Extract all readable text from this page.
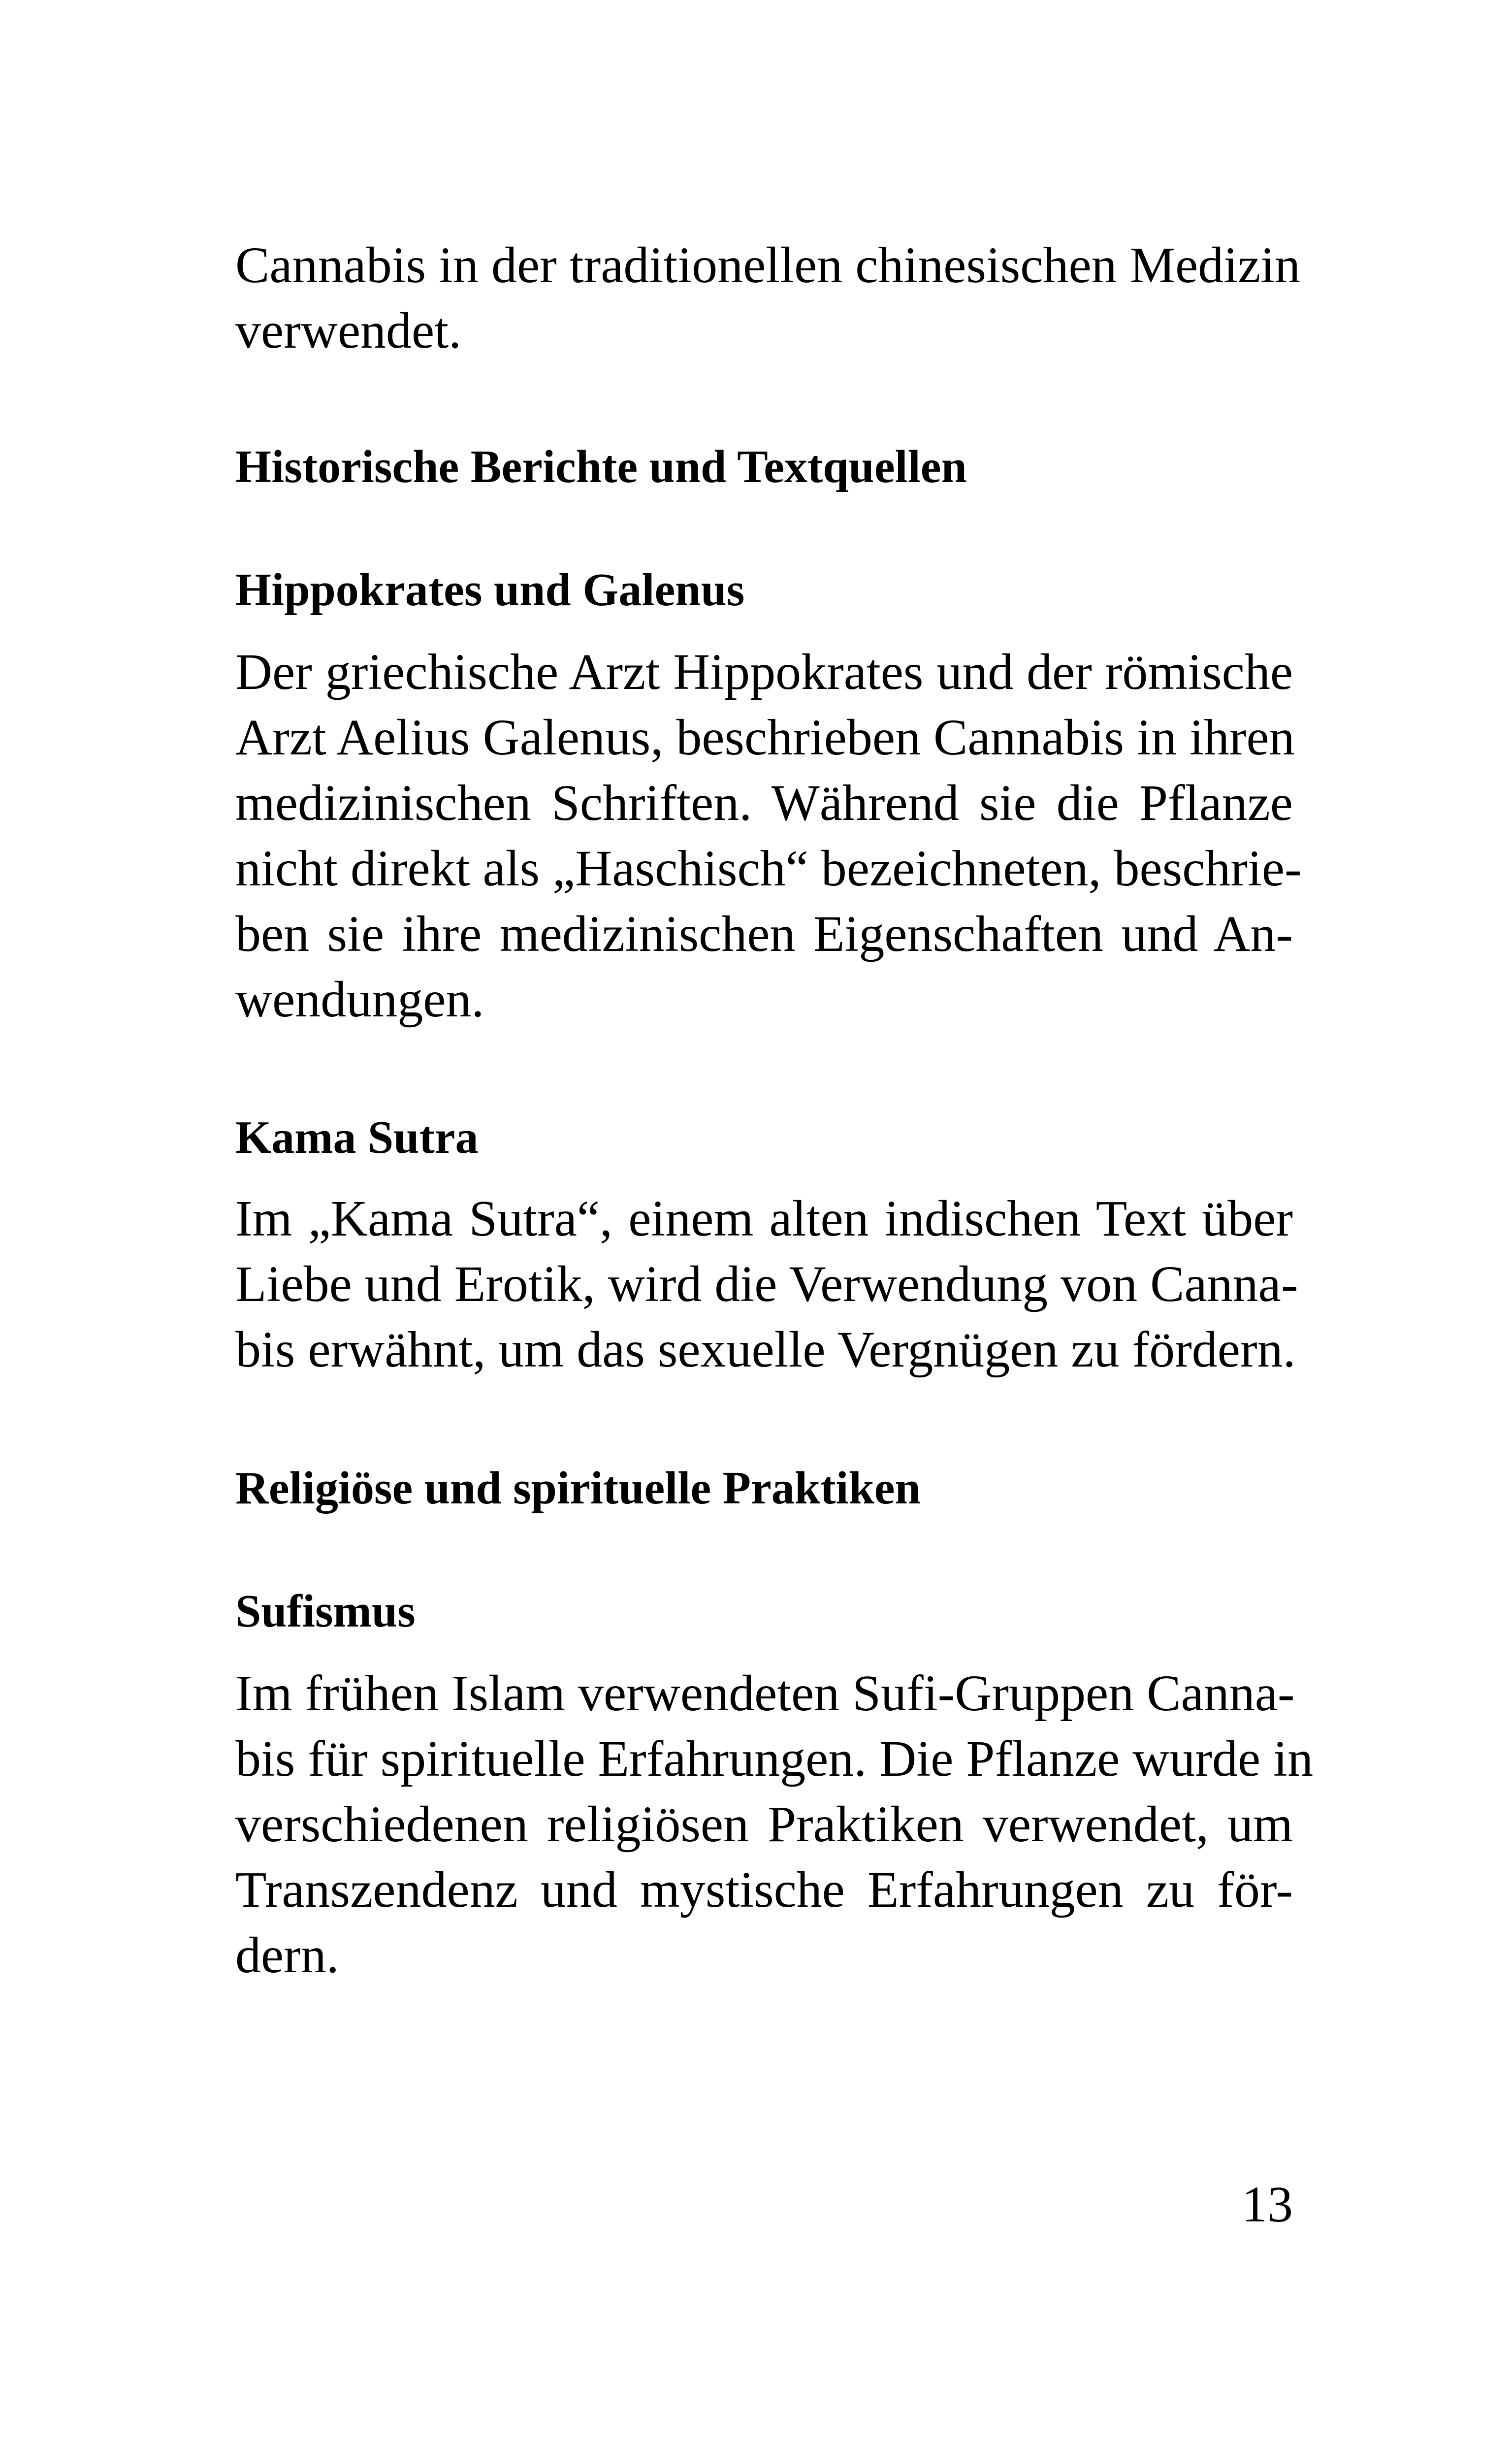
Cannabis in der traditionellen chinesischen Medizin
verwendet.
Historische Berichte und Textquellen
Hippokrates und Galenus
Der griechische Arzt Hippokrates und der römische
Arzt Aelius Galenus, beschrieben Cannabis in ihren
medizinischen Schriften. Während sie die Pflanze
nicht direkt als „Haschisch“ bezeichneten, beschrie-
ben sie ihre medizinischen Eigenschaften und An-
wendungen.
Kama Sutra
Im „Kama Sutra“, einem alten indischen Text über
Liebe und Erotik, wird die Verwendung von Canna-
bis erwähnt, um das sexuelle Vergnügen zu fördern.
Religiöse und spirituelle Praktiken
Sufismus
Im frühen Islam verwendeten Sufi-Gruppen Canna-
bis für spirituelle Erfahrungen. Die Pflanze wurde in
verschiedenen religiösen Praktiken verwendet, um
Transzendenz und mystische Erfahrungen zu för-
dern.
13
